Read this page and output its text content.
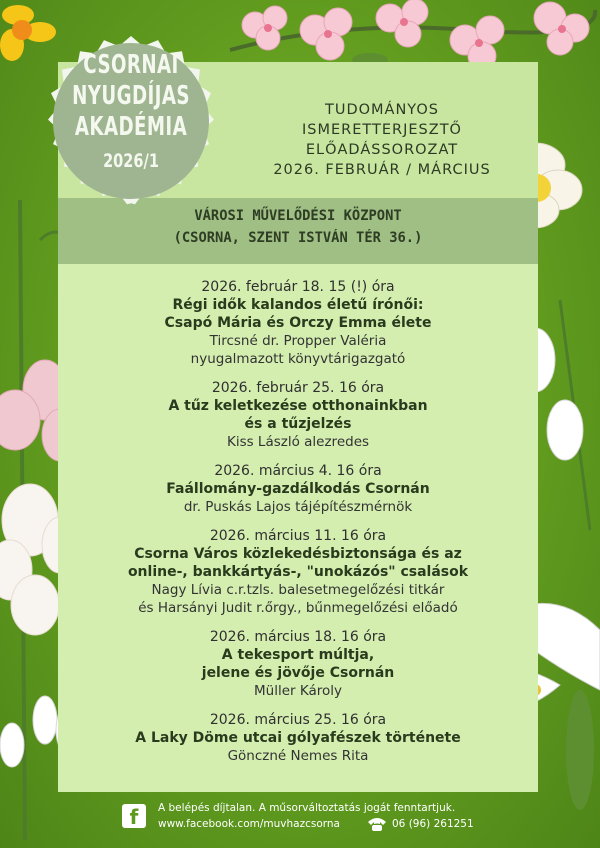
CSORNAI
NYUGDÍJAS
AKADÉMIA
2026/1
TUDOMÁNYOS
ISMERETTERJESZTŐ
ELŐADÁSSOROZAT
2026. FEBRUÁR / MÁRCIUS
VÁROSI MŰVELŐDÉSI KÖZPONT
(CSORNA, SZENT ISTVÁN TÉR 36.)
2026. február 18. 15 (!) óra
Régi idők kalandos életű írónői:
Csapó Mária és Orczy Emma élete
Tircsné dr. Propper Valéria
nyugalmazott könyvtárigazgató
2026. február 25. 16 óra
A tűz keletkezése otthonainkban
és a tűzjelzés
Kiss László alezredes
2026. március 4. 16 óra
Faállomány-gazdálkodás Csornán
dr. Puskás Lajos tájépítészmérnök
2026. március 11. 16 óra
Csorna Város közlekedésbiztonsága és az
online-, bankkártyás-, "unokázós" csalások
Nagy Lívia c.r.tzls. balesetmegelőzési titkár
és Harsányi Judit r.őrgy., bűnmegelőzési előadó
2026. március 18. 16 óra
A tekesport múltja,
jelene és jövője Csornán
Müller Károly
2026. március 25. 16 óra
A Laky Döme utcai gólyafészek története
Gönczné Nemes Rita
f	A belépés díjtalan. A műsorváltoztatás jogát fenntartjuk.
www.facebook.com/muvhazcsorna	06 (96) 261251
